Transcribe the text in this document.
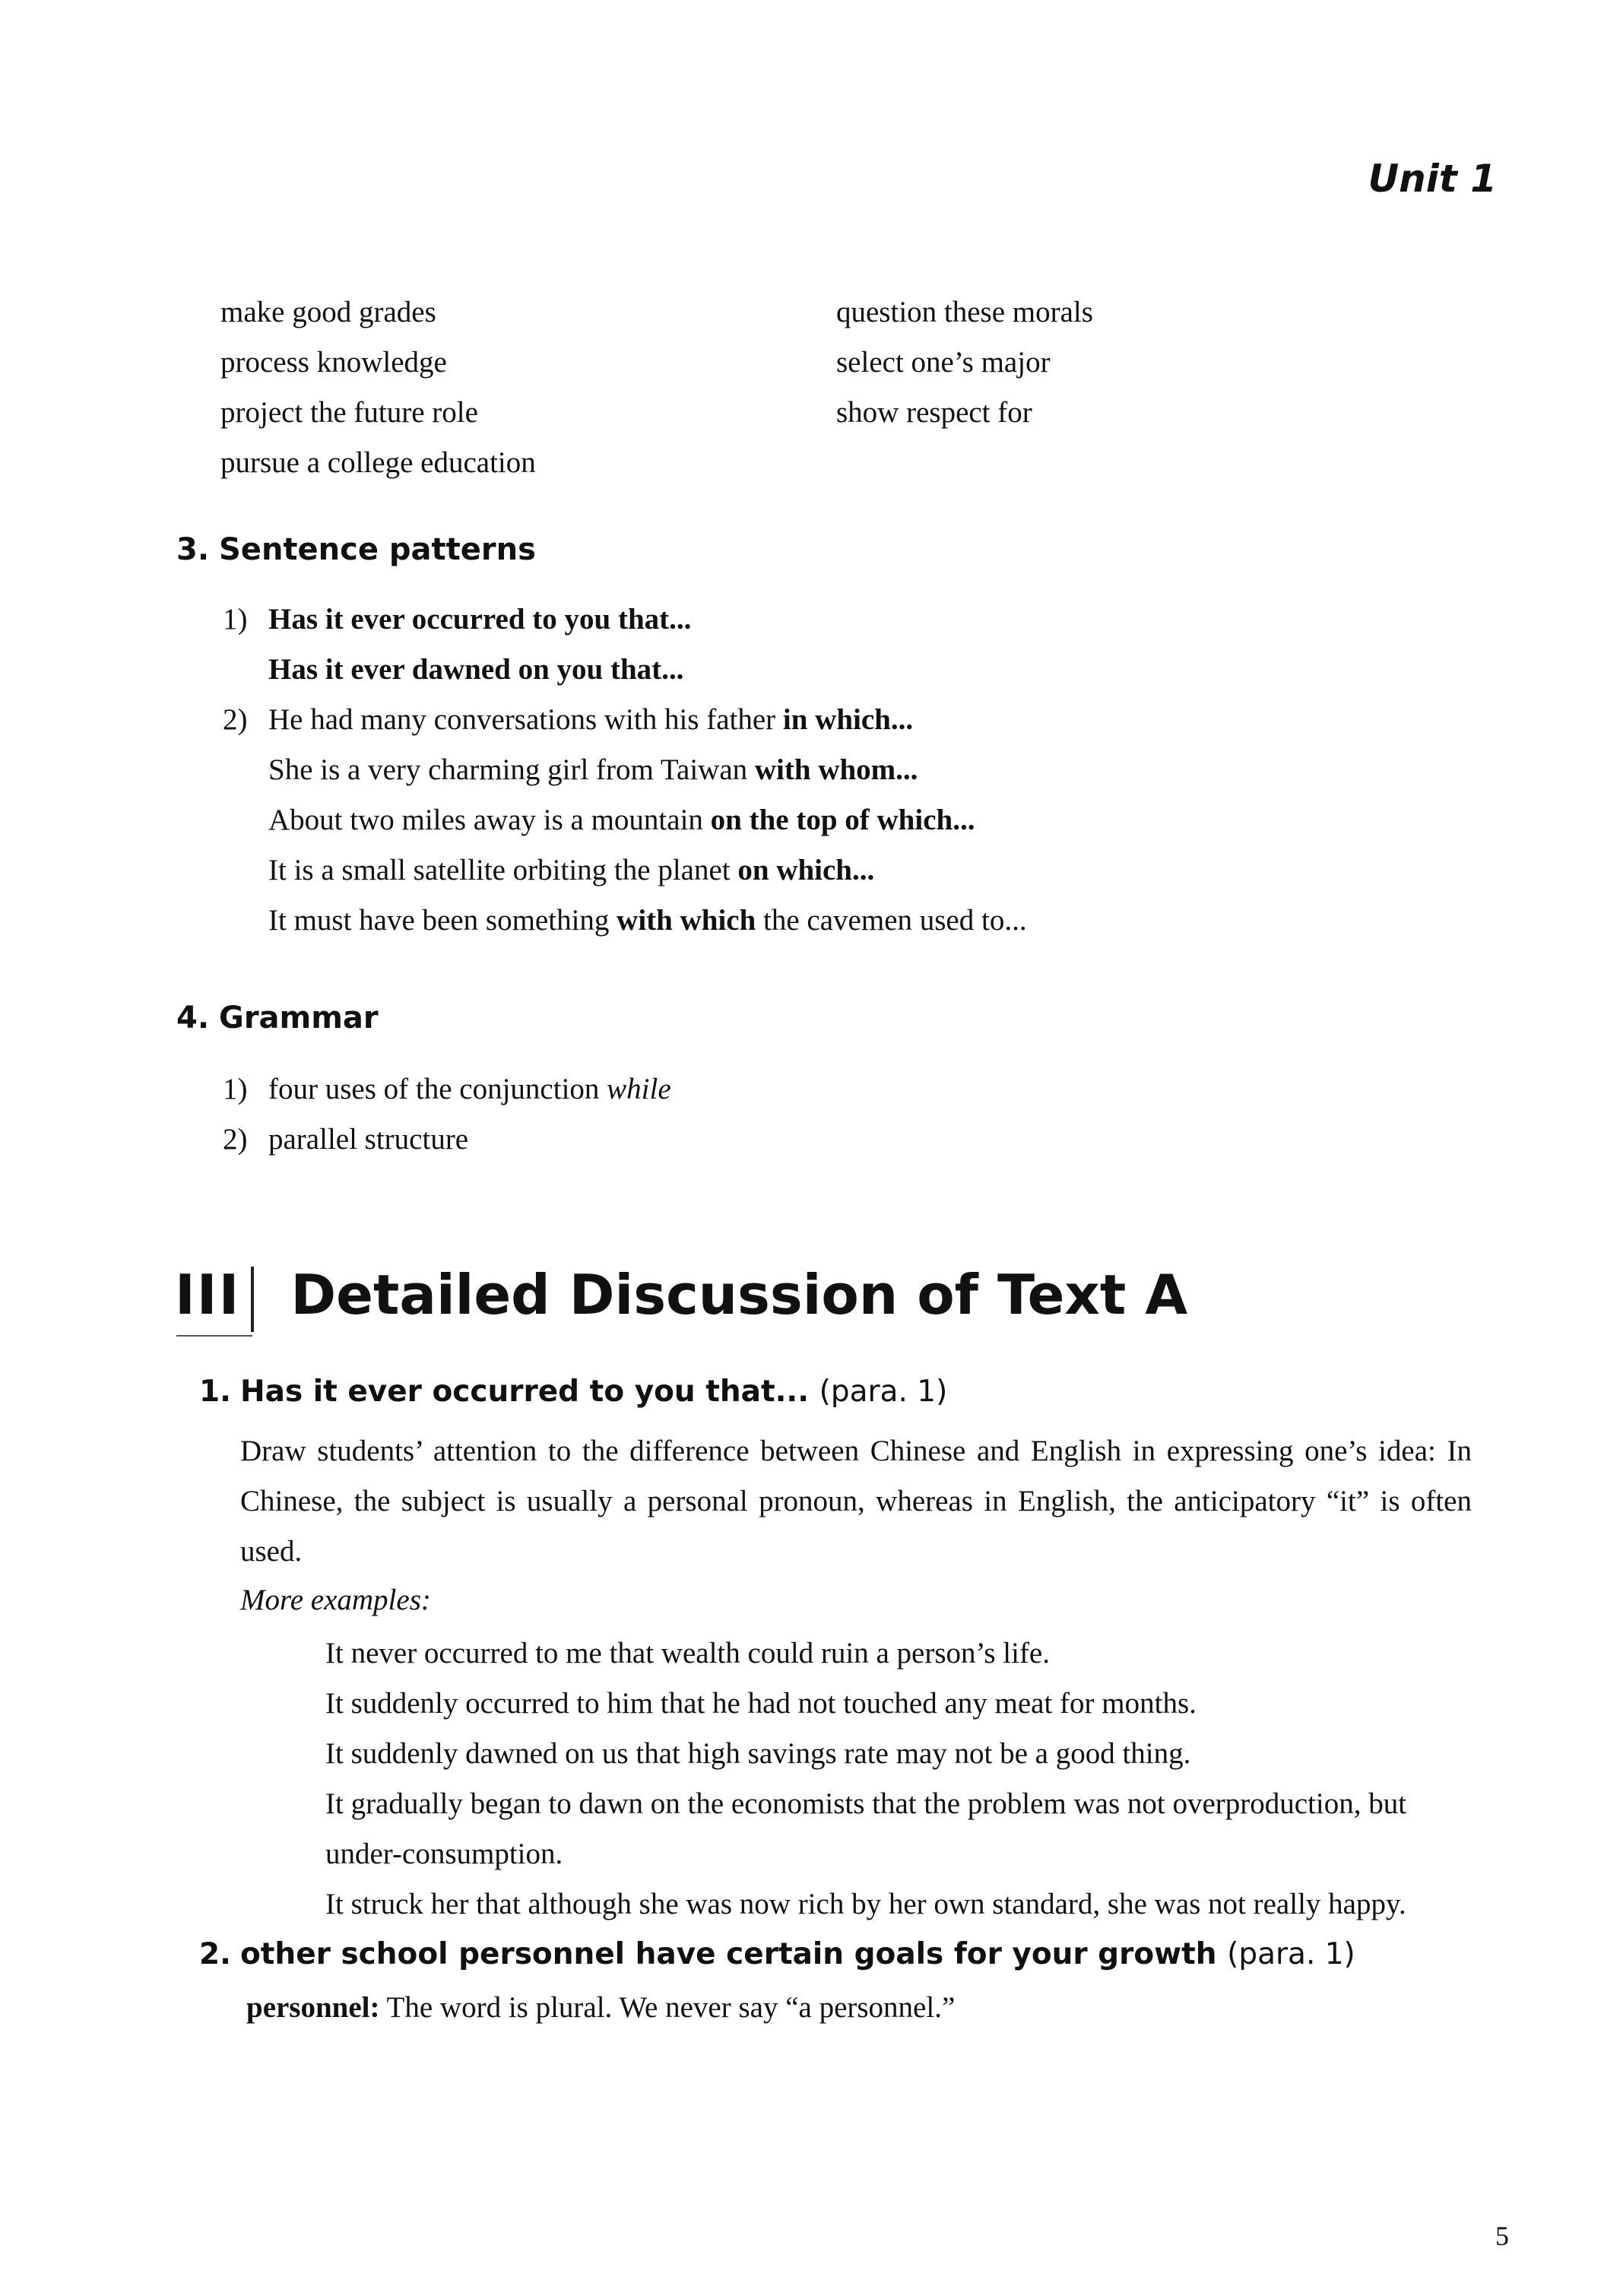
Unit 1
make good grades
process knowledge
project the future role
pursue a college education
question these morals
select one’s major
show respect for
3. Sentence patterns
1) Has it ever occurred to you that...
Has it ever dawned on you that...
2) He had many conversations with his father in which...
She is a very charming girl from Taiwan with whom...
About two miles away is a mountain on the top of which...
It is a small satellite orbiting the planet on which...
It must have been something with which the cavemen used to...
4. Grammar
1) four uses of the conjunction while
2) parallel structure
III Detailed Discussion of Text A
1. Has it ever occurred to you that... (para. 1)
Draw students’ attention to the difference between Chinese and English in expressing one’s idea: In Chinese, the subject is usually a personal pronoun, whereas in English, the anticipatory “it” is often used.
More examples:
It never occurred to me that wealth could ruin a person’s life.
It suddenly occurred to him that he had not touched any meat for months.
It suddenly dawned on us that high savings rate may not be a good thing.
It gradually began to dawn on the economists that the problem was not overproduction, but under-consumption.
It struck her that although she was now rich by her own standard, she was not really happy.
2. other school personnel have certain goals for your growth (para. 1)
personnel: The word is plural. We never say “a personnel.”
5
